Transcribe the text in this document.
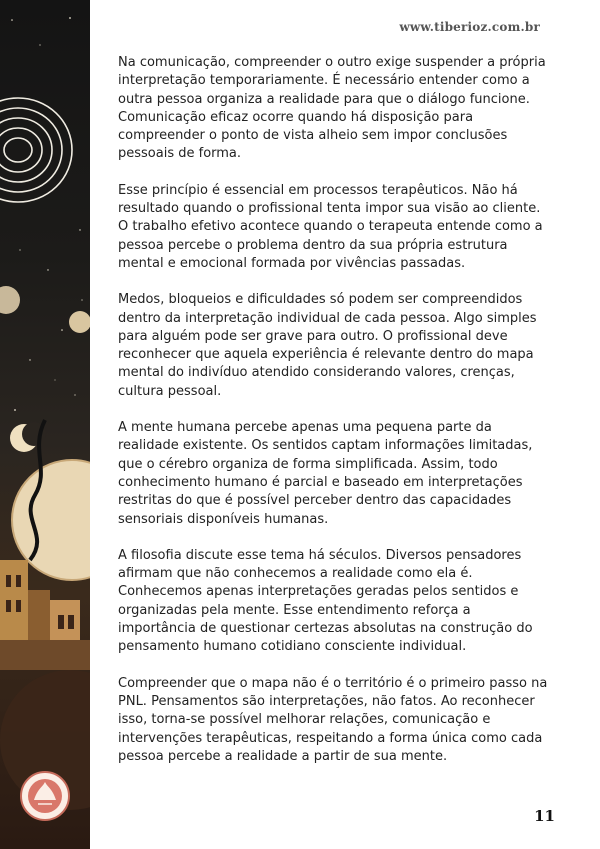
www.tiberioz.com.br

Na comunicação, compreender o outro exige suspender a própria interpretação temporariamente. É necessário entender como a outra pessoa organiza a realidade para que o diálogo funcione. Comunicação eficaz ocorre quando há disposição para compreender o ponto de vista alheio sem impor conclusões pessoais de forma.

Esse princípio é essencial em processos terapêuticos. Não há resultado quando o profissional tenta impor sua visão ao cliente. O trabalho efetivo acontece quando o terapeuta entende como a pessoa percebe o problema dentro da sua própria estrutura mental e emocional formada por vivências passadas.

Medos, bloqueios e dificuldades só podem ser compreendidos dentro da interpretação individual de cada pessoa. Algo simples para alguém pode ser grave para outro. O profissional deve reconhecer que aquela experiência é relevante dentro do mapa mental do indivíduo atendido considerando valores, crenças, cultura pessoal.

A mente humana percebe apenas uma pequena parte da realidade existente. Os sentidos captam informações limitadas, que o cérebro organiza de forma simplificada. Assim, todo conhecimento humano é parcial e baseado em interpretações restritas do que é possível perceber dentro das capacidades sensoriais disponíveis humanas.

A filosofia discute esse tema há séculos. Diversos pensadores afirmam que não conhecemos a realidade como ela é. Conhecemos apenas interpretações geradas pelos sentidos e organizadas pela mente. Esse entendimento reforça a importância de questionar certezas absolutas na construção do pensamento humano cotidiano consciente individual.

Compreender que o mapa não é o território é o primeiro passo na PNL. Pensamentos são interpretações, não fatos. Ao reconhecer isso, torna-se possível melhorar relações, comunicação e intervenções terapêuticas, respeitando a forma única como cada pessoa percebe a realidade a partir de sua mente.

11
